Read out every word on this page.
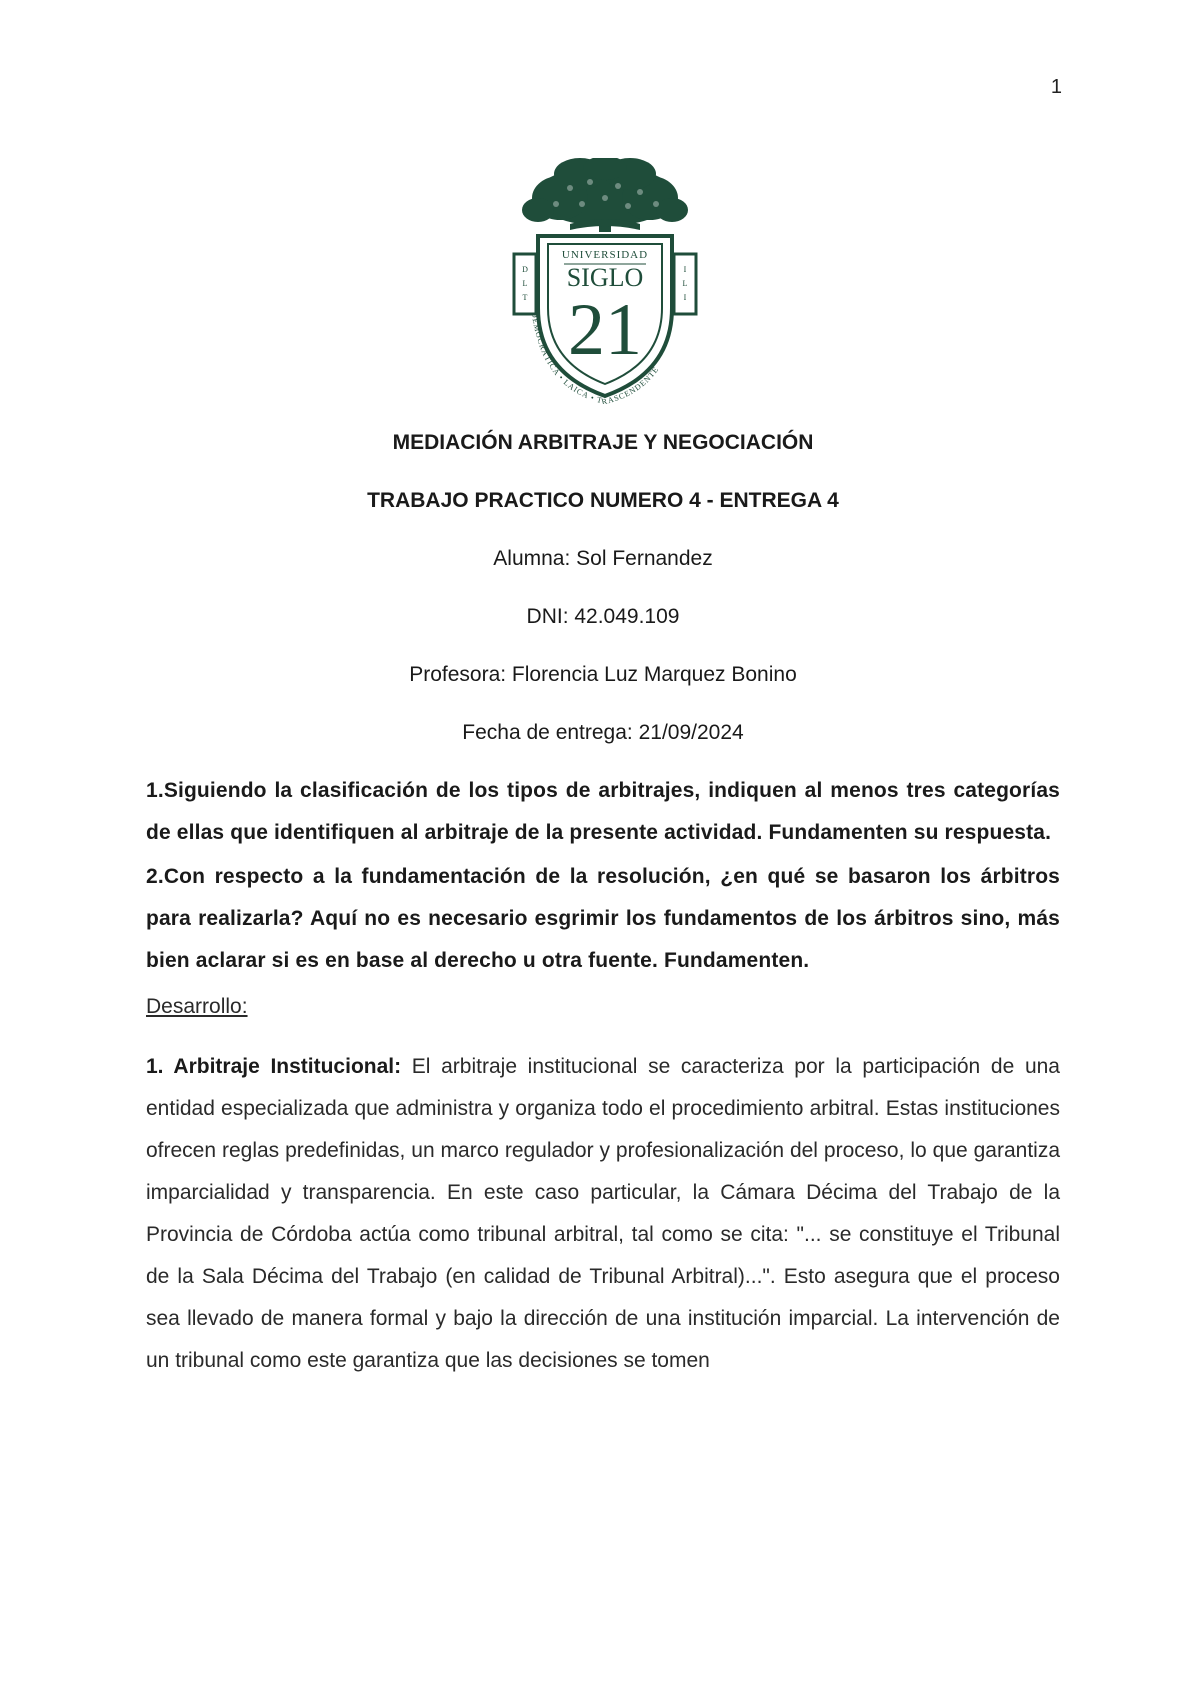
1
D
L
T
I
L
I
UNIVERSIDAD
SIGLO
21
DEMOCRÁTICA • LAICA • TRASCENDENTE

MEDIACIÓN ARBITRAJE Y NEGOCIACIÓN

TRABAJO PRACTICO NUMERO 4 - ENTREGA 4

Alumna: Sol Fernandez

DNI: 42.049.109

Profesora: Florencia Luz Marquez Bonino

Fecha de entrega: 21/09/2024

1.Siguiendo la clasificación de los tipos de arbitrajes, indiquen al menos tres categorías de ellas que identifiquen al arbitraje de la presente actividad. Fundamenten su respuesta.

2.Con respecto a la fundamentación de la resolución, ¿en qué se basaron los árbitros para realizarla? Aquí no es necesario esgrimir los fundamentos de los árbitros sino, más bien aclarar si es en base al derecho u otra fuente. Fundamenten.

Desarrollo:

1. Arbitraje Institucional: El arbitraje institucional se caracteriza por la participación de una entidad especializada que administra y organiza todo el procedimiento arbitral. Estas instituciones ofrecen reglas predefinidas, un marco regulador y profesionalización del proceso, lo que garantiza imparcialidad y transparencia. En este caso particular, la Cámara Décima del Trabajo de la Provincia de Córdoba actúa como tribunal arbitral, tal como se cita: "... se constituye el Tribunal de la Sala Décima del Trabajo (en calidad de Tribunal Arbitral)...". Esto asegura que el proceso sea llevado de manera formal y bajo la dirección de una institución imparcial. La intervención de un tribunal como este garantiza que las decisiones se tomen
